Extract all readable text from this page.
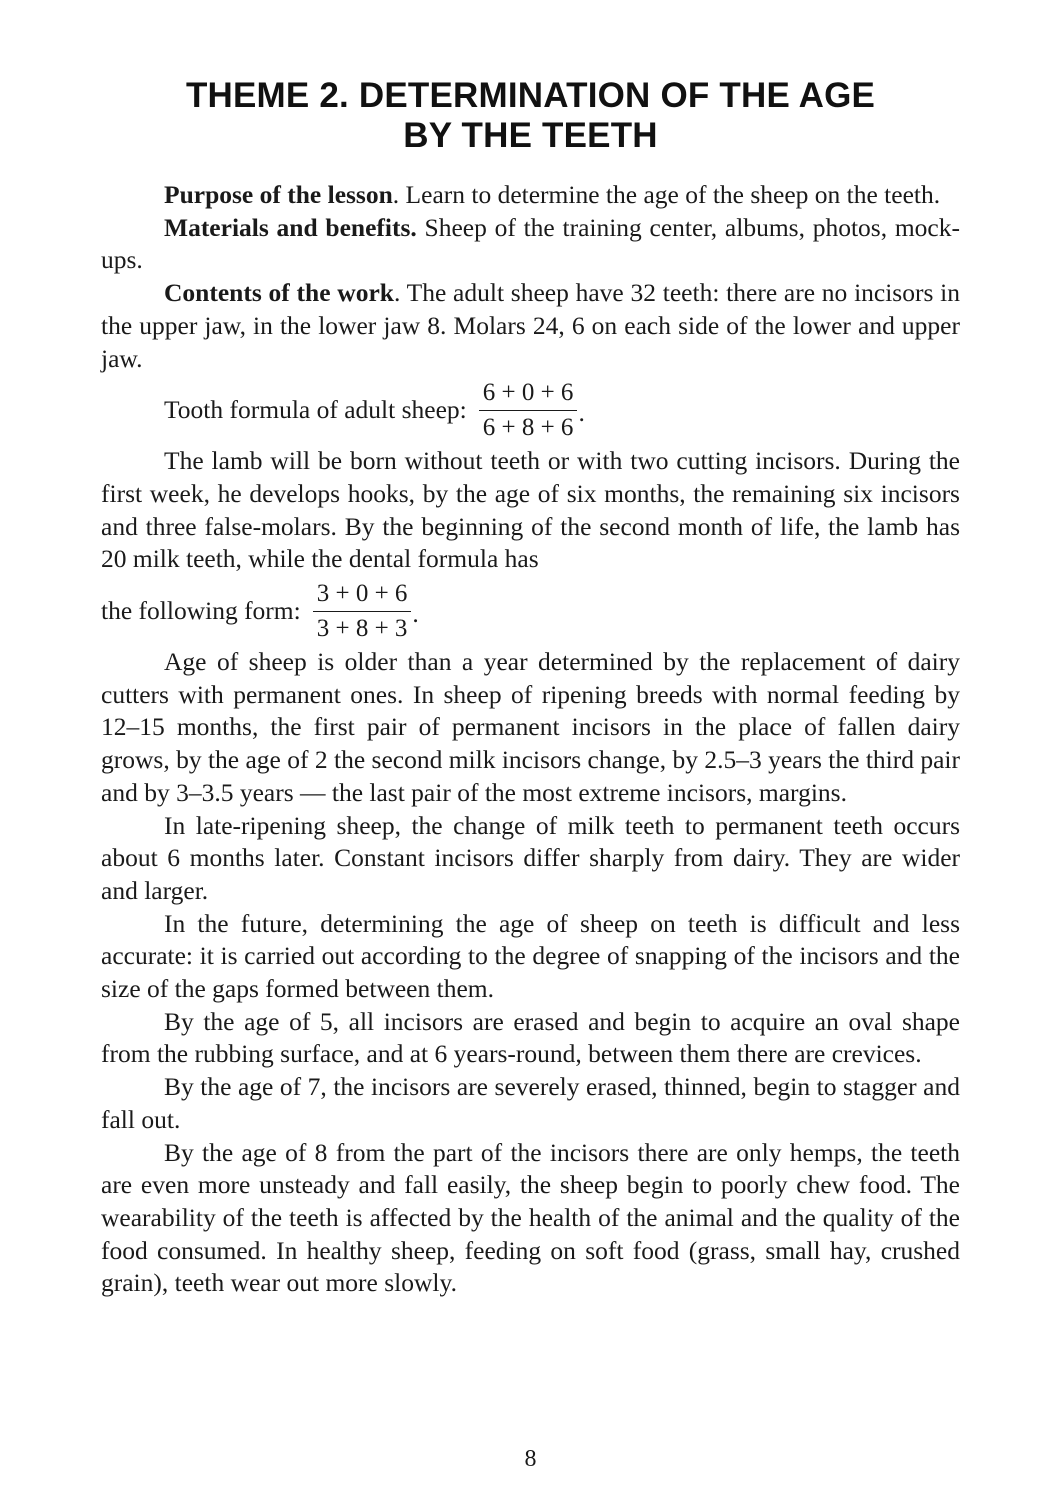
THEME 2. DETERMINATION OF THE AGE
BY THE TEETH

Purpose of the lesson. Learn to determine the age of the sheep on the teeth.

Materials and benefits. Sheep of the training center, albums, photos, mock-ups.

Contents of the work. The adult sheep have 32 teeth: there are no incisors in the upper jaw, in the lower jaw 8. Molars 24, 6 on each side of the lower and upper jaw.

Tooth formula of adult sheep: $\frac{6 + 0 + 6}{6 + 8 + 6}$ .

The lamb will be born without teeth or with two cutting incisors. During the first week, he develops hooks, by the age of six months, the remaining six incisors and three false-molars. By the beginning of the second month of life, the lamb has 20 milk teeth, while the dental formula has

the following form: $\frac{3 + 0 + 6}{3 + 8 + 3}$ .

Age of sheep is older than a year determined by the replacement of dairy cutters with permanent ones. In sheep of ripening breeds with normal feeding by 12–15 months, the first pair of permanent incisors in the place of fallen dairy grows, by the age of 2 the second milk incisors change, by 2.5–3 years the third pair and by 3–3.5 years — the last pair of the most extreme incisors, margins.

In late-ripening sheep, the change of milk teeth to permanent teeth occurs about 6 months later. Constant incisors differ sharply from dairy. They are wider and larger.

In the future, determining the age of sheep on teeth is difficult and less accurate: it is carried out according to the degree of snapping of the incisors and the size of the gaps formed between them.

By the age of 5, all incisors are erased and begin to acquire an oval shape from the rubbing surface, and at 6 years-round, between them there are crevices.

By the age of 7, the incisors are severely erased, thinned, begin to stagger and fall out.

By the age of 8 from the part of the incisors there are only hemps, the teeth are even more unsteady and fall easily, the sheep begin to poorly chew food. The wearability of the teeth is affected by the health of the animal and the quality of the food consumed. In healthy sheep, feeding on soft food (grass, small hay, crushed grain), teeth wear out more slowly.

8
